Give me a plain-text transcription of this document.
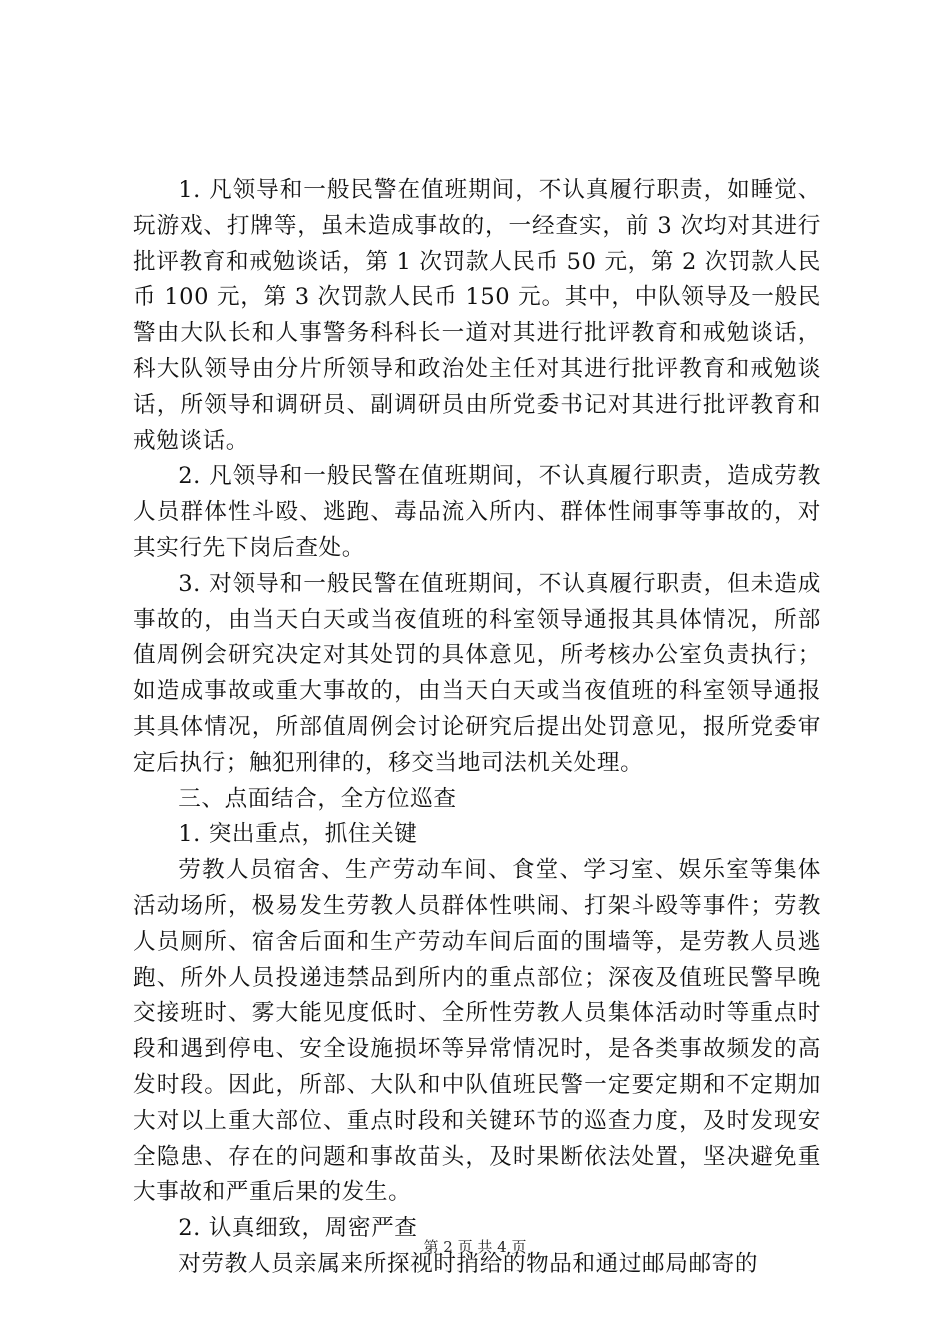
1. 凡领导和一般民警在值班期间，不认真履行职责，如睡觉、玩游戏、打牌等，虽未造成事故的，一经查实，前 3 次均对其进行批评教育和戒勉谈话，第 1 次罚款人民币 50 元，第 2 次罚款人民币 100 元，第 3 次罚款人民币 150 元。其中，中队领导及一般民警由大队长和人事警务科科长一道对其进行批评教育和戒勉谈话，科大队领导由分片所领导和政治处主任对其进行批评教育和戒勉谈话，所领导和调研员、副调研员由所党委书记对其进行批评教育和戒勉谈话。

2. 凡领导和一般民警在值班期间，不认真履行职责，造成劳教人员群体性斗殴、逃跑、毒品流入所内、群体性闹事等事故的，对其实行先下岗后查处。

3. 对领导和一般民警在值班期间，不认真履行职责，但未造成事故的，由当天白天或当夜值班的科室领导通报其具体情况，所部值周例会研究决定对其处罚的具体意见，所考核办公室负责执行；如造成事故或重大事故的，由当天白天或当夜值班的科室领导通报其具体情况，所部值周例会讨论研究后提出处罚意见，报所党委审定后执行；触犯刑律的，移交当地司法机关处理。

三、点面结合，全方位巡查

1. 突出重点，抓住关键

劳教人员宿舍、生产劳动车间、食堂、学习室、娱乐室等集体活动场所，极易发生劳教人员群体性哄闹、打架斗殴等事件；劳教人员厕所、宿舍后面和生产劳动车间后面的围墙等，是劳教人员逃跑、所外人员投递违禁品到所内的重点部位；深夜及值班民警早晚交接班时、雾大能见度低时、全所性劳教人员集体活动时等重点时段和遇到停电、安全设施损坏等异常情况时，是各类事故频发的高发时段。因此，所部、大队和中队值班民警一定要定期和不定期加大对以上重大部位、重点时段和关键环节的巡查力度，及时发现安全隐患、存在的问题和事故苗头，及时果断依法处置，坚决避免重大事故和严重后果的发生。

2. 认真细致，周密严查

对劳教人员亲属来所探视时捎给的物品和通过邮局邮寄的

第 2 页 共 4 页
